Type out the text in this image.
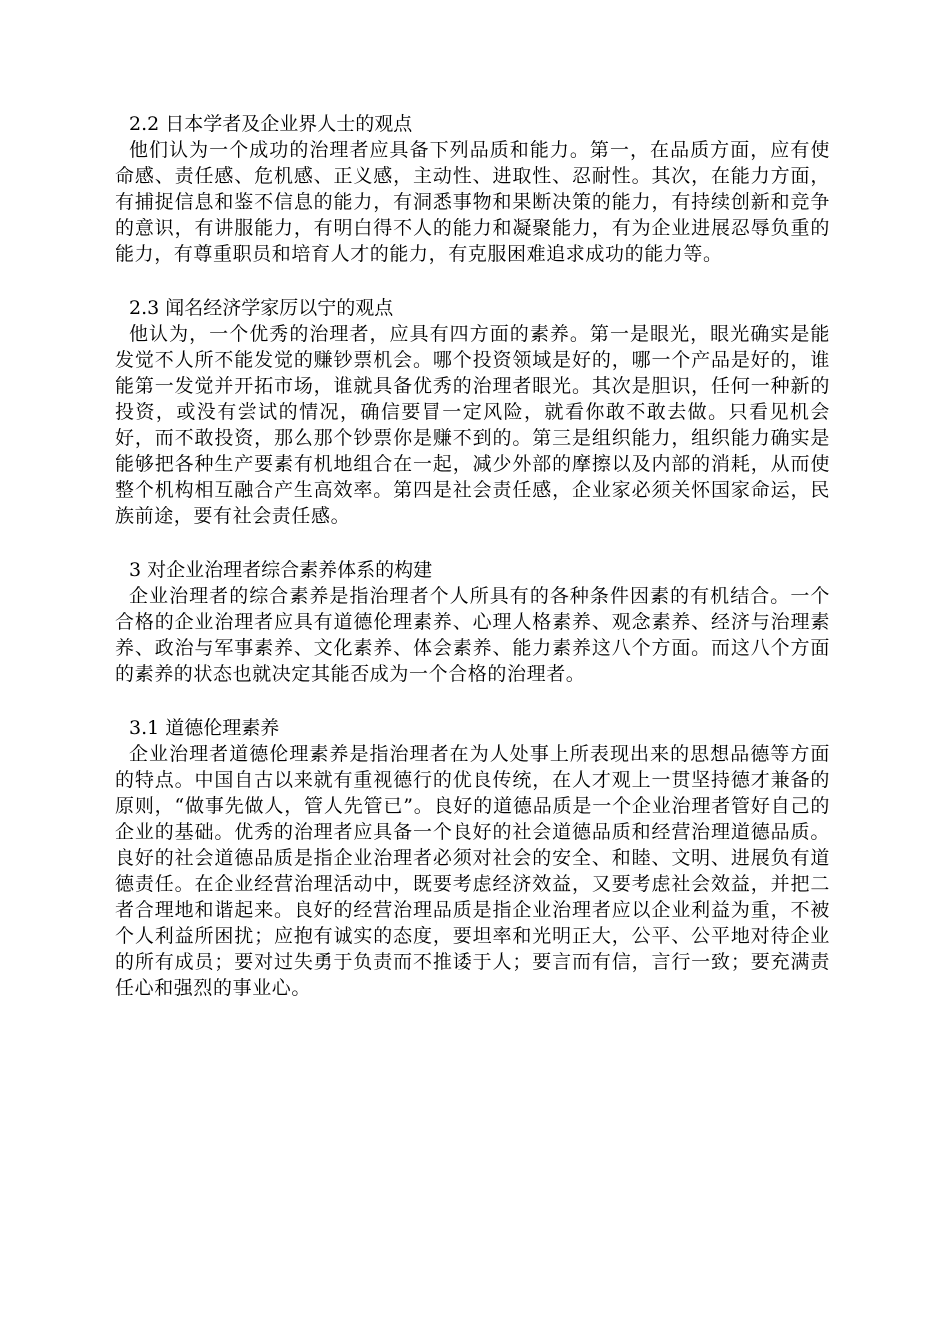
2.2 日本学者及企业界人士的观点
他们认为一个成功的治理者应具备下列品质和能力。第一，在品质方面，应有使命感、责任感、危机感、正义感，主动性、进取性、忍耐性。其次，在能力方面，有捕捉信息和鉴不信息的能力，有洞悉事物和果断决策的能力，有持续创新和竞争的意识，有讲服能力，有明白得不人的能力和凝聚能力，有为企业进展忍辱负重的能力，有尊重职员和培育人才的能力，有克服困难追求成功的能力等。
2.3 闻名经济学家厉以宁的观点
他认为，一个优秀的治理者，应具有四方面的素养。第一是眼光，眼光确实是能发觉不人所不能发觉的赚钞票机会。哪个投资领域是好的，哪一个产品是好的，谁能第一发觉并开拓市场，谁就具备优秀的治理者眼光。其次是胆识，任何一种新的投资，或没有尝试的情况，确信要冒一定风险，就看你敢不敢去做。只看见机会好，而不敢投资，那么那个钞票你是赚不到的。第三是组织能力，组织能力确实是能够把各种生产要素有机地组合在一起，减少外部的摩擦以及内部的消耗，从而使整个机构相互融合产生高效率。第四是社会责任感，企业家必须关怀国家命运，民族前途，要有社会责任感。
3 对企业治理者综合素养体系的构建
企业治理者的综合素养是指治理者个人所具有的各种条件因素的有机结合。一个合格的企业治理者应具有道德伦理素养、心理人格素养、观念素养、经济与治理素养、政治与军事素养、文化素养、体会素养、能力素养这八个方面。而这八个方面的素养的状态也就决定其能否成为一个合格的治理者。
3.1 道德伦理素养
企业治理者道德伦理素养是指治理者在为人处事上所表现出来的思想品德等方面的特点。中国自古以来就有重视德行的优良传统，在人才观上一贯坚持德才兼备的原则，“做事先做人，管人先管已”。良好的道德品质是一个企业治理者管好自己的企业的基础。优秀的治理者应具备一个良好的社会道德品质和经营治理道德品质。良好的社会道德品质是指企业治理者必须对社会的安全、和睦、文明、进展负有道德责任。在企业经营治理活动中，既要考虑经济效益，又要考虑社会效益，并把二者合理地和谐起来。良好的经营治理品质是指企业治理者应以企业利益为重，不被个人利益所困扰；应抱有诚实的态度，要坦率和光明正大，公平、公平地对待企业的所有成员；要对过失勇于负责而不推诿于人；要言而有信，言行一致；要充满责任心和强烈的事业心。
